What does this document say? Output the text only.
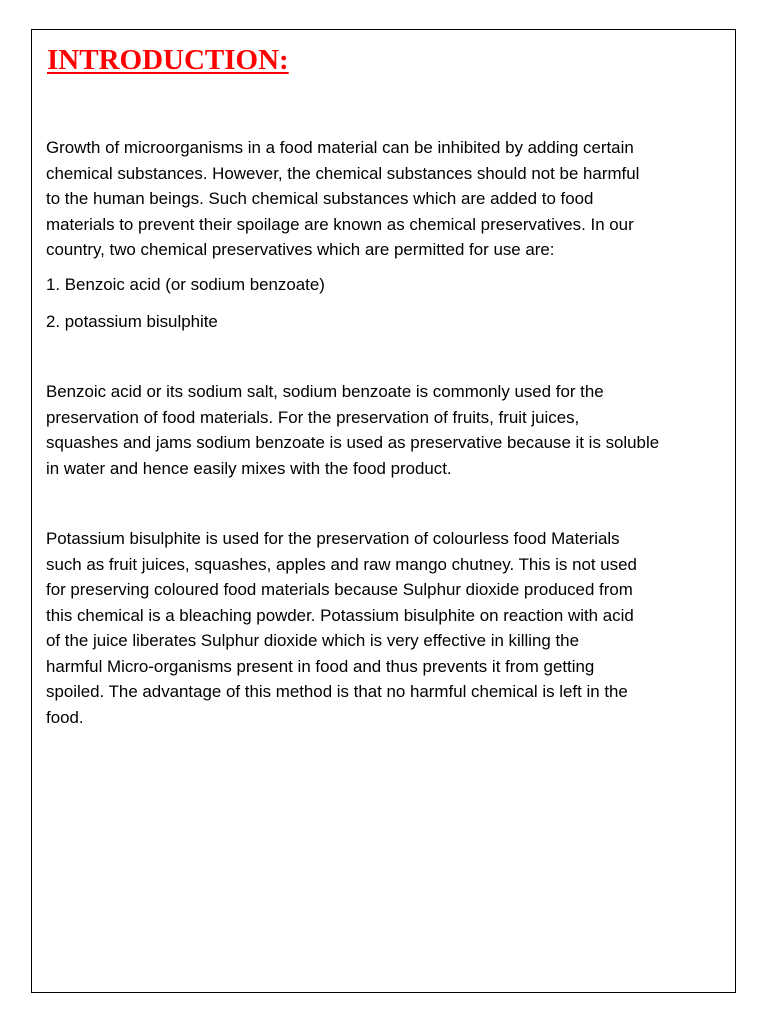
INTRODUCTION:

Growth of microorganisms in a food material can be inhibited by adding certain
chemical substances. However, the chemical substances should not be harmful
to the human beings. Such chemical substances which are added to food
materials to prevent their spoilage are known as chemical preservatives. In our
country, two chemical preservatives which are permitted for use are:

1. Benzoic acid (or sodium benzoate)

2. potassium bisulphite

Benzoic acid or its sodium salt, sodium benzoate is commonly used for the
preservation of food materials. For the preservation of fruits, fruit juices,
squashes and jams sodium benzoate is used as preservative because it is soluble
in water and hence easily mixes with the food product.

Potassium bisulphite is used for the preservation of colourless food Materials
such as fruit juices, squashes, apples and raw mango chutney. This is not used
for preserving coloured food materials because Sulphur dioxide produced from
this chemical is a bleaching powder. Potassium bisulphite on reaction with acid
of the juice liberates Sulphur dioxide which is very effective in killing the
harmful Micro-organisms present in food and thus prevents it from getting
spoiled. The advantage of this method is that no harmful chemical is left in the
food.
